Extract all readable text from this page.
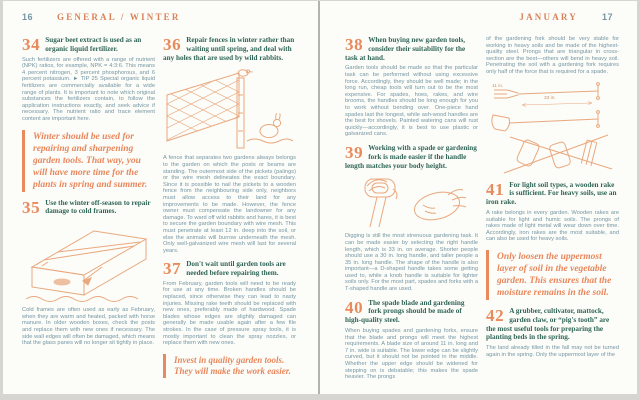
16	GENERAL / WINTER	JANUARY	17
34 Sugar beet extract is used as an organic liquid fertilizer.

Such fertilizers are offered with a range of nutrient (NPK) ratios, for example, NPK = 4:3:6. This means 4 percent nitrogen, 3 percent phosphorous, and 6 percent potassium. ► TIP 25 Special organic liquid fertilizers are commercially available for a wide range of plants. It is important to note which original substances the fertilizers contain, to follow the application instructions exactly, and seek advice if necessary. The nutrient ratio and trace element content are important here.

Winter should be used for repairing and sharpening garden tools. That way, you will have more time for the plants in spring and summer.

35 Use the winter off-season to repair damage to cold frames.

Cold frames are often used as early as February, when they are warm and heated, packed with horse manure. In older wooden boxes, check the posts and replace them with new ones if necessary. The side wall edges will often be damaged, which means that the glass panes will no longer sit tightly in place.

36 Repair fences in winter rather than waiting until spring, and deal with any holes that are used by wild rabbits.

A fence that separates two gardens always belongs to the garden on which the posts or beams are standing. The outermost side of the pickets (palings) or the wire mesh delineates the exact boundary. Since it is possible to nail the pickets to a wooden fence from the neighbouring side only, neighbors must allow access to their land for any improvements to be made. However, the fence owner must compensate the landowner for any damage. To ward off wild rabbits and hares, it is best to secure the garden boundary with wire mesh. This must penetrate at least 12 in. deep into the soil, or else the animals will burrow underneath the mesh. Only well-galvanized wire mesh will last for several years.

37 Don't wait until garden tools are needed before repairing them.

From February, garden tools will need to be ready for use at any time. Broken handles should be replaced, since otherwise they can lead to nasty injuries. Missing rake teeth should be replaced with new ones, preferably made of hardwood. Spade blades whose edges are slightly damaged can generally be made usable again after a few file strokes. In the case of pressure spray tools, it is mostly important to clean the spray nozzles, or replace them with new ones.

Invest in quality garden tools. They will make the work easier.

38 When buying new garden tools, consider their suitability for the task at hand.

Garden tools should be made so that the particular task can be performed without using excessive force. Accordingly, they should be well made; in the long run, cheap tools will turn out to be the most expensive. For spades, hoes, rakes, and wire brooms, the handles should be long enough for you to work without bending over. One-piece hand spades last the longest, while ash-wood handles are the best for shovels. Painted watering cans will rust quickly—accordingly, it is best to use plastic or galvanized cans.

39 Working with a spade or gardening fork is made easier if the handle length matches your body height.

Digging is still the most strenuous gardening task. It can be made easier by selecting the right handle length, which is 33 in. on average. Shorter people should use a 30 in. long handle, and taller people a 35 in. long handle. The shape of the handle is also important—a D-shaped handle takes some getting used to, while a knob handle is suitable for lighter soils only. For the most part, spades and forks with a T-shaped handle are used.

40 The spade blade and gardening fork prongs should be made of high-quality steel.

When buying spades and gardening forks, ensure that the blade and prongs will meet the highest requirements. A blade size of around 11 in. long and 7 in. wide is suitable. The lower edge can be slightly curved, but it should not be pointed in the middle. Whether the upper edge should be widened for stepping on is debatable; this makes the spade heavier. The prongs

of the gardening fork should be very stable for working in heavy soils and be made of the highest-quality steel. Prongs that are triangular in cross-section are the best—others will bend in heavy soil. Penetrating the soil with a gardening fork requires only half of the force that is required for a spade.

11 in.
33 in.
41 For light soil types, a wooden rake is sufficient. For heavy soils, use an iron rake.

A rake belongs in every garden. Wooden rakes are suitable for light and humic soils. The prongs of rakes made of light metal will wear down over time. Accordingly, iron rakes are the most suitable, and can also be used for heavy soils.

Only loosen the uppermost layer of soil in the vegetable garden. This ensures that the moisture remains in the soil.

42 A grubber, cultivator, mattock, garden claw, or “pig's tooth” are the most useful tools for preparing the planting beds in the spring.

The land already tilled in the fall may not be turned again in the spring. Only the uppermost layer of the
